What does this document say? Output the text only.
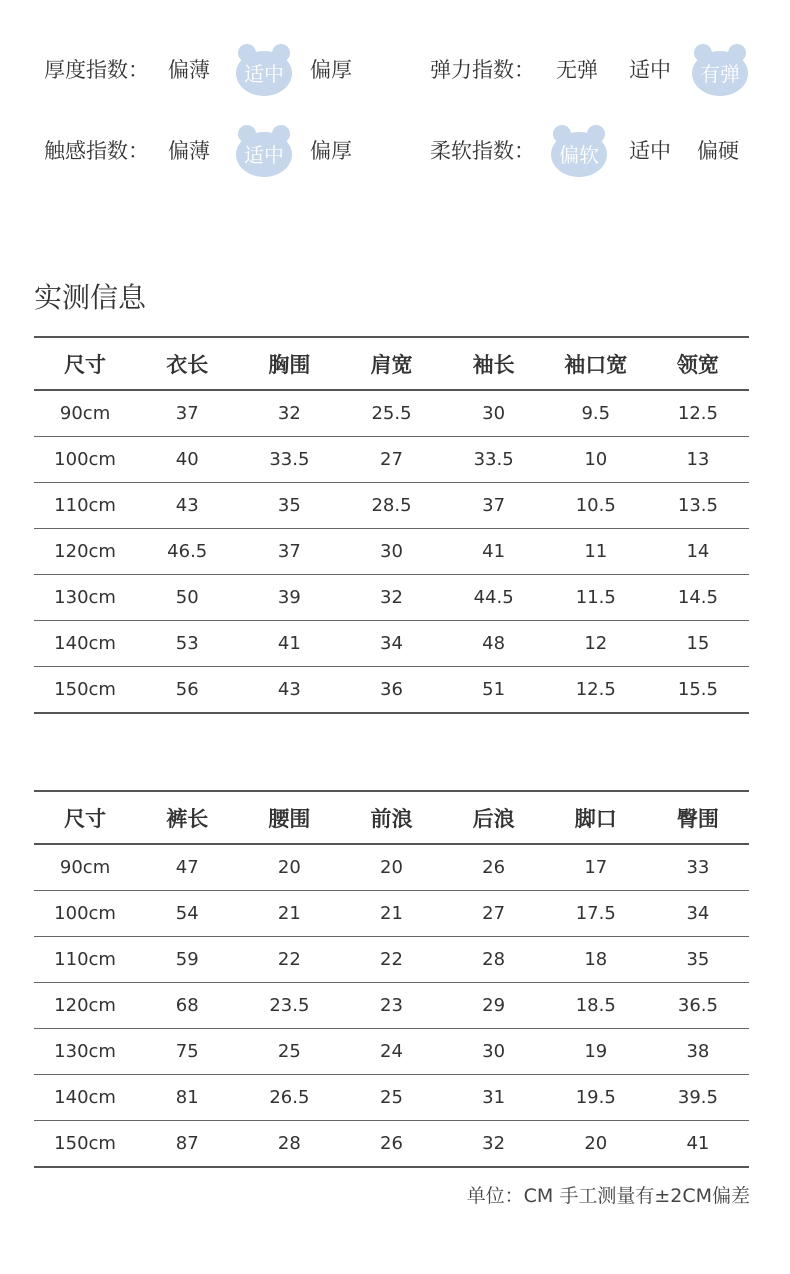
厚度指数： 偏薄	适中	偏厚	弹力指数： 无弹 适中	有弹
触感指数： 偏薄	适中	偏厚	柔软指数：	偏软	适中 偏硬
实测信息
尺寸	衣长	胸围	肩宽	袖长	袖口宽	领宽
90cm	37	32	25.5	30	9.5	12.5
100cm	40	33.5	27	33.5	10	13
110cm	43	35	28.5	37	10.5	13.5
120cm	46.5	37	30	41	11	14
130cm	50	39	32	44.5	11.5	14.5
140cm	53	41	34	48	12	15
150cm	56	43	36	51	12.5	15.5
尺寸	裤长	腰围	前浪	后浪	脚口	臀围
90cm	47	20	20	26	17	33
100cm	54	21	21	27	17.5	34
110cm	59	22	22	28	18	35
120cm	68	23.5	23	29	18.5	36.5
130cm	75	25	24	30	19	38
140cm	81	26.5	25	31	19.5	39.5
150cm	87	28	26	32	20	41
单位：CM 手工测量有±2CM偏差
